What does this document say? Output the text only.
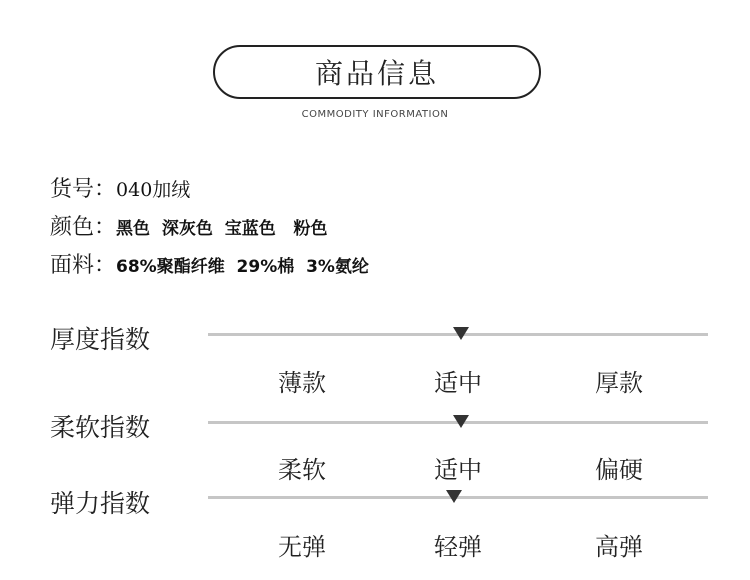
商品信息
COMMODITY INFORMATION
货号：040加绒
颜色：黑色  深灰色  宝蓝色   粉色
面料：68%聚酯纤维  29%棉  3%氨纶
厚度指数
薄款	适中	厚款
柔软指数
柔软	适中	偏硬
弹力指数
无弹	轻弹	高弹
